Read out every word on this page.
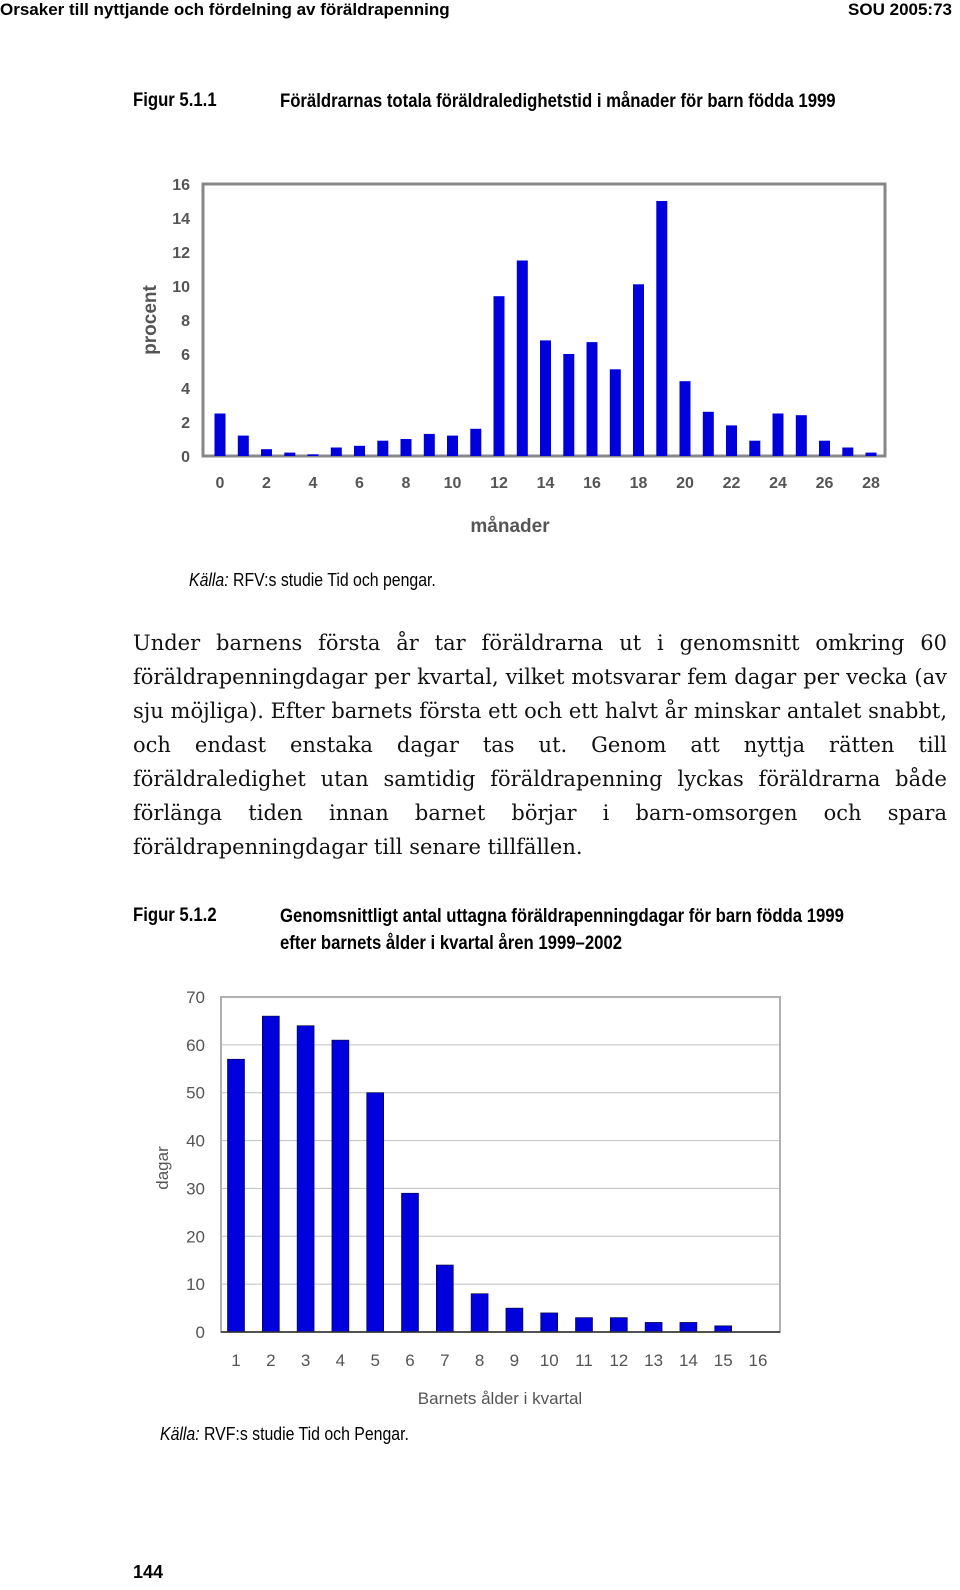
Orsaker till nyttjande och fördelning av föräldrapenning	SOU 2005:73
Figur 5.1.1	Föräldrarnas totala föräldraledighetstid i månader för barn födda 1999
0
2
4
6
8
10
12
14
16
0 2 4 6 8 10 12 14 16 18 20 22 24 26 28
procent
månader
Källa: RFV:s studie Tid och pengar.
Under barnens första år tar föräldrarna ut i genomsnitt omkring 60 föräldrapenningdagar per kvartal, vilket motsvarar fem dagar per vecka (av sju möjliga). Efter barnets första ett och ett halvt år minskar antalet snabbt, och endast enstaka dagar tas ut. Genom att nyttja rätten till föräldraledighet utan samtidig föräldrapenning lyckas föräldrarna både förlänga tiden innan barnet börjar i barn-omsorgen och spara föräldrapenningdagar till senare tillfällen.
Figur 5.1.2	Genomsnittligt antal uttagna föräldrapenningdagar för barn födda 1999 efter barnets ålder i kvartal åren 1999–2002
0
10
20
30
40
50
60
70
1 2 3 4 5 6 7 8 9 10 11 12 13 14 15 16
dagar
Barnets ålder i kvartal
Källa: RVF:s studie Tid och Pengar.
144
